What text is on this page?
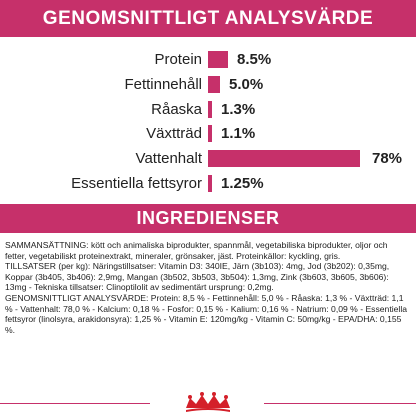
GENOMSNITTLIGT ANALYSVÄRDE
Protein 8.5%
Fettinnehåll 5.0%
Råaska 1.3%
Växtträd 1.1%
Vattenhalt	78%
Essentiella fettsyror 1.25%
INGREDIENSER

SAMMANSÄTTNING: kött och animaliska biprodukter, spannmål, vegetabiliska biprodukter, oljor och fetter, vegetabiliskt proteinextrakt, mineraler, grönsaker, jäst. Proteinkällor: kyckling, gris.

TILLSATSER (per kg): Näringstillsatser: Vitamin D3: 340IE, Järn (3b103): 4mg, Jod (3b202): 0,35mg, Koppar (3b405, 3b406): 2,9mg, Mangan (3b502, 3b503, 3b504): 1,3mg, Zink (3b603, 3b605, 3b606): 13mg - Tekniska tillsatser: Clinoptilolit av sedimentärt ursprung: 0,2mg.

GENOMSNITTLIGT ANALYSVÄRDE: Protein: 8,5 % - Fettinnehåll: 5,0 % - Råaska: 1,3 % - Växtträd: 1,1 % - Vattenhalt: 78,0 % - Kalcium: 0,18 % - Fosfor: 0,15 % - Kalium: 0,16 % - Natrium: 0,09 % - Essentiella fettsyror (linolsyra, arakidonsyra): 1,25 % - Vitamin E: 120mg/kg - Vitamin C: 50mg/kg - EPA/DHA: 0,155 %.
